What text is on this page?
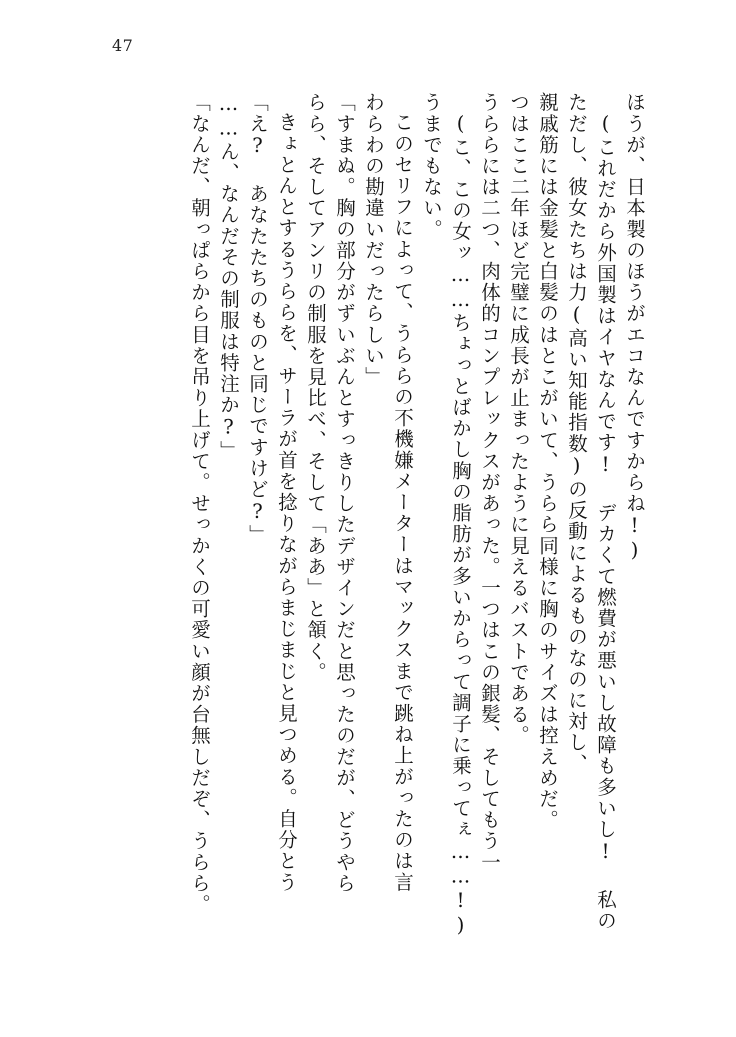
47
「なんだ、朝っぱらから目を吊り上げて。せっかくの可愛い顔が台無しだぞ、うらら。 ……ん、なんだその制服は特注か?」 「え? あなたたちのものと同じですけど?」 きょとんとするうららを、サーラが首を捻りながらまじまじと見つめる。自分とう らら、そしてアンリの制服を見比べ、そして「ああ」と頷く。 「すまぬ。胸の部分がずいぶんとすっきりしたデザインだと思ったのだが、どうやら わらわの勘違いだったらしい」 このセリフによって、うららの不機嫌メーターはマックスまで跳ね上がったのは言 うまでもない。 (こ、この女ッ……ちょっとばかし胸の脂肪が多いからって調子に乗ってぇ……!) うららには二つ、肉体的コンプレックスがあった。一つはこの銀髪、そしてもう一 つはここ二年ほど完璧に成長が止まったように見えるバストである。 親戚筋には金髪と白髪のはとこがいて、うらら同様に胸のサイズは控えめだ。 ただし、彼女たちは力(高い知能指数)の反動によるものなのに対し、 (これだから外国製はイヤなんです! デカくて燃費が悪いし故障も多いし! 私の ほうが、日本製のほうがエコなんですからね!)
